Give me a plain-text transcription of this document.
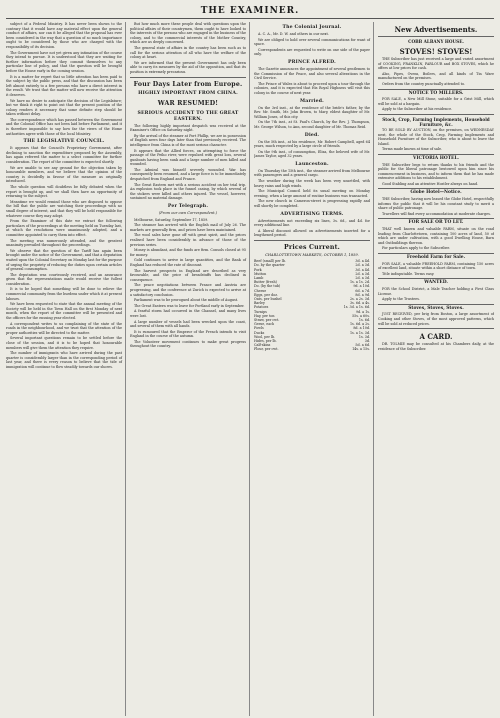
THE EXAMINER.

subject of a Federal Ministry. It has never been shown to the contrary that it would have any material effect upon the general conduct of affairs, nor can it be alleged that the proposal has ever been considered in the way that a question of so much importance ought to be considered by those who are charged with the responsibility of its decision.

The Government have not yet given any intimation of the course they intend to pursue. It is understood that they are waiting for further information before they commit themselves to any particular line of policy, and that the question will be brought before the House early in the coming session.

It is a matter for regret that so little attention has been paid to the subject by the public press, and that the discussion has been left almost entirely to a few persons who have a direct interest in the result. We trust that the matter will now receive the attention it deserves.

We have no desire to anticipate the decision of the Legislature; but we think it right to point out that the present position of the colony renders it necessary that some definite step should be taken without delay.

The correspondence which has passed between the Government and the Colonial Office has not been laid before Parliament, and it is therefore impossible to say how far the views of the Home authorities agree with those of the local Ministry.

THE LEGISLATIVE COUNCIL.

It appears that the Council's Proprietary Government, after declining to sanction the expenditure proposed by the Assembly, has again referred the matter to a select committee for further consideration. The report of the committee is expected shortly.

We are unable to see any ground for the objection taken by honourable members, and we believe that the opinion of the country is decidedly in favour of the measure as originally introduced.

The whole question will doubtless be fully debated when the report is brought up, and we shall then have an opportunity of returning to the subject.

Meantime we would remind those who are disposed to oppose the bill that the public are watching their proceedings with no small degree of interest, and that they will be held responsible for whatever course they may adopt.

From the Examiner of this date we extract the following particulars of the proceedings at the meeting held on Tuesday last, at which the resolutions were unanimously adopted, and a committee appointed to carry them into effect.

The meeting was numerously attended, and the greatest unanimity prevailed throughout the proceedings.

We observe that the question of the Tariff has again been brought under the notice of the Government, and that a deputation waited upon the Colonial Secretary on Monday last for the purpose of urging the propriety of reducing the duties upon certain articles of general consumption.

The deputation was courteously received, and an assurance given that the representations made would receive the fullest consideration.

It is to be hoped that something will be done to relieve the commercial community from the burdens under which it at present labours.

We have been requested to state that the annual meeting of the Society will be held in the Town Hall on the first Monday of next month, when the report of the committee will be presented and the officers for the ensuing year elected.

A correspondent writes to us complaining of the state of the roads in the neighbourhood, and we trust that the attention of the proper authorities will be directed to the matter.

Several important questions remain to be settled before the close of the session, and it is to be hoped that honourable members will give them the attention they require.

The number of immigrants who have arrived during the past quarter is considerably larger than in the corresponding period of last year, and there is every reason to believe that the tide of immigration will continue to flow steadily towards our shores.

But how much more these people deal with questions upon the political affairs of their countrymen, them ought to have looked to the interests of the persons who are engaged in the business of the colony, and to the commercial interests of the Mother Country, which are as deeply concerned.

The general state of affairs in the country has been such as to call for the serious attention of all who have the welfare of the colony at heart.

We are informed that the present Government has only been able to carry its measures by the aid of the opposition, and that its position is extremely precarious.

Four Days Later from Europe.
HIGHLY IMPORTANT FROM CHINA.
WAR RESUMED!
SERIOUS ACCIDENT TO THE GREAT EASTERN.

The following highly important despatch was received at the Examiner's Office on Saturday night.

By the arrival of the steamer at Port Phillip, we are in possession of English news four days later than that previously received. The intelligence from China is of the most serious character.

It appears that the Allied forces, on attempting to force the passage of the Peiho river, were repulsed with great loss, several gunboats having been sunk and a large number of men killed and wounded.

The Admiral was himself severely wounded. War has consequently been resumed, and a large force is to be immediately despatched from England and France.

The Great Eastern met with a serious accident on her trial trip. An explosion took place in the funnel casing, by which several of the stokers were killed and others injured. The vessel, however, sustained no material damage.

Per Telegraph.
(From our own Correspondent.)

Melbourne, Saturday, September 17, 1859.

The steamer has arrived with the English mail of July 26. The markets are generally firm, and prices have been maintained.

The wool sales have gone off with great spirit, and the prices realised have been considerably in advance of those of the previous series.

Money is abundant, and the funds are firm. Consols closed at 95 for money.

Gold continues to arrive in large quantities, and the Bank of England has reduced the rate of discount.

The harvest prospects in England are described as very favourable, and the price of breadstuffs has declined in consequence.

The peace negotiations between France and Austria are progressing, and the conference at Zurich is expected to arrive at a satisfactory conclusion.

Parliament was to be prorogued about the middle of August.

The Great Eastern was to leave for Portland early in September.

A fearful storm had occurred in the Channel, and many lives were lost.

A large number of vessels had been wrecked upon the coast, and several of them with all hands.

It is rumoured that the Emperor of the French intends to visit England in the course of the autumn.

The Volunteer movement continues to make great progress throughout the country.

The Colonial Journal.

A. C. A., Mr. D. W. and others in our next.

We are obliged to hold over several communications for want of space.

Correspondents are requested to write on one side of the paper only.

PRINCE ALFRED.

The Gazette announces the appointment of several gentlemen to the Commission of the Peace, and also several alterations in the Civil Service.

The Prince of Wales is about to proceed upon a tour through the colonies, and it is expected that His Royal Highness will visit this colony in the course of next year.

Married.

On the 3rd inst., at the residence of the bride's father, by the Rev. Mr. Smith, Mr. John Brown, to Mary, eldest daughter of Mr. William Jones, of this city.

On the 7th inst., at St. Paul's Church, by the Rev. J. Thompson, Mr. George Wilson, to Ann, second daughter of Mr. Thomas Reid.

Died.

On the 5th inst., at his residence, Mr. Robert Campbell, aged 64 years, much respected by a large circle of friends.

On the 9th inst., of consumption, Eliza, the beloved wife of Mr. James Taylor, aged 32 years.

Launceston.

On Thursday the 15th inst., the steamer arrived from Melbourne with passengers and a general cargo.

The weather during the week has been very unsettled, with heavy rains and high winds.

The Municipal Council held its usual meeting on Monday evening, when a large amount of routine business was transacted.

The new church in Cameron-street is progressing rapidly and will shortly be completed.

ADVERTISING TERMS.

Advertisements not exceeding six lines, 3s. 6d., and 4d. for every additional line.

A liberal discount allowed on advertisements inserted for a lengthened period.

Prices Current.
CHARLOTTETOWN MARKETS, OCTOBER 1, 1859.
Beef (small) per lb.	3d. a 4d.
Do. by the quarter	2d. a 3d.
Pork	3d. a 4d.
Mutton	2d. a 3d.
Lamb	2d. a 3d.
Butter (fresh)	1s. a 1s. 2d.
Do. (by the tub)	9d. a 10d.
Cheese	6d. a 7d.
Eggs, per doz.	8d. a 9d.
Oats, per bushel	2s. a 2s. 3d.
Barley	3s. 6d. a 4s.
Potatoes	1s. 3d. a 1s. 6d.
Turnips	9d. a 1s.
Hay, per ton	55s. a 60s.
Straw, per cwt.	1s. 6d.
Geese, each	1s. 6d. a 2s.
Fowls	8d. a 10d.
Ducks	1s. a 1s. 3d.
Wool, per lb.	1s. 3d.
Hides, per lb.	3d.
Calf-skins	5d. a 6d.
Flour, per cwt.	14s. a 15s.
New Advertisements.
COBB ALBANY HOUSE.
STOVES! STOVES!

THE Subscriber has just received a large and varied assortment of COOKING, FRANKLIN, PARLOUR and BOX STOVES, which he offers at low prices for cash.

Also, Pipes, Ovens, Boilers, and all kinds of Tin Ware manufactured on the premises.

Orders from the country punctually attended to.

NOTICE TO MILLERS.

FOR SALE, a New Mill Stone, suitable for a Grist Mill, which will be sold at a bargain.

Apply to the Subscriber at his residence.

Stock, Crop, Farming Implements, Household Furniture, &c.

TO BE SOLD BY AUCTION, on the premises, on WEDNESDAY next, the whole of the Stock, Crop, Farming Implements and Household Furniture of the Subscriber, who is about to leave the Island.

Terms made known at time of sale.

VICTORIA HOTEL.

THE Subscriber begs to return thanks to his friends and the public for the liberal patronage bestowed upon him since his commencement in business, and to inform them that he has made extensive additions to his establishment.

Good Stabling and an attentive Hostler always on hand.

Globe Hotel—Notice.

THE Subscriber, having now leased the Globe Hotel, respectfully informs the public that it will be his constant study to merit a share of public patronage.

Travellers will find every accommodation at moderate charges.

FOR SALE OR TO LET.

THAT well known and valuable FARM, situate on the road leading from Charlottetown, containing 100 acres of land, 50 of which are under cultivation, with a good Dwelling House, Barn and Outbuildings thereon.

For particulars apply to the Subscriber.

Freehold Farm for Sale.

FOR SALE, a valuable FREEHOLD FARM, containing 150 acres of excellent land, situate within a short distance of town.

Title indisputable. Terms easy.

WANTED.

FOR the School District, a Male Teacher holding a First Class License.

Apply to the Trustees.

Stoves, Stoves, Stoves.

JUST RECEIVED, per brig from Boston, a large assortment of Cooking and other Stoves, of the most approved patterns, which will be sold at reduced prices.

A CARD.

DR. TOLMIE may be consulted at his Chambers daily, at the residence of the Subscriber.
